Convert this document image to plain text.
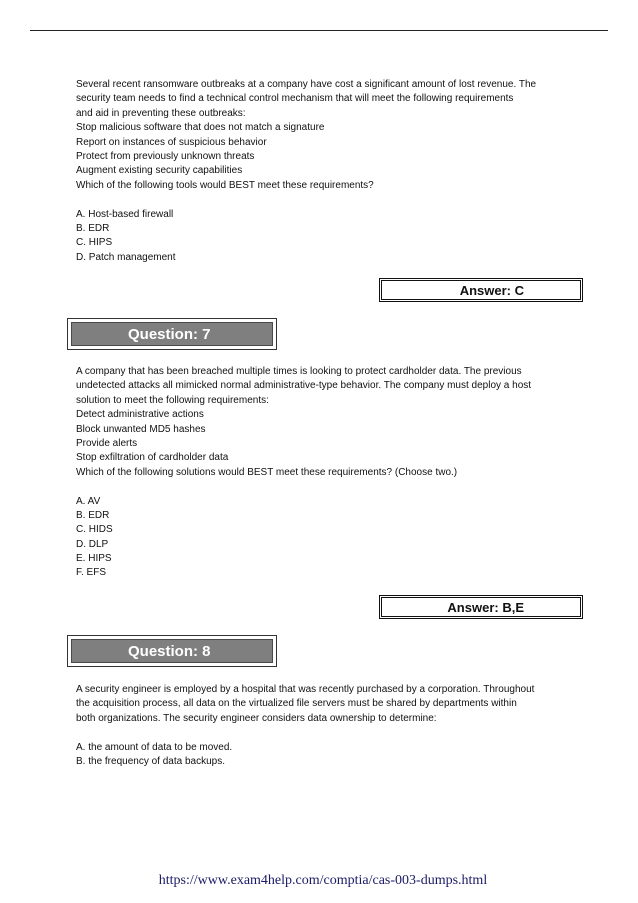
Several recent ransomware outbreaks at a company have cost a significant amount of lost revenue. The
security team needs to find a technical control mechanism that will meet the following requirements
and aid in preventing these outbreaks:
Stop malicious software that does not match a signature
Report on instances of suspicious behavior
Protect from previously unknown threats
Augment existing security capabilities
Which of the following tools would BEST meet these requirements?
A. Host-based firewall
B. EDR
C. HIPS
D. Patch management
Answer: C
Question: 7
A company that has been breached multiple times is looking to protect cardholder data. The previous
undetected attacks all mimicked normal administrative-type behavior. The company must deploy a host
solution to meet the following requirements:
Detect administrative actions
Block unwanted MD5 hashes
Provide alerts
Stop exfiltration of cardholder data
Which of the following solutions would BEST meet these requirements? (Choose two.)
A. AV
B. EDR
C. HIDS
D. DLP
E. HIPS
F. EFS
Answer: B,E
Question: 8
A security engineer is employed by a hospital that was recently purchased by a corporation. Throughout
the acquisition process, all data on the virtualized file servers must be shared by departments within
both organizations. The security engineer considers data ownership to determine:
A. the amount of data to be moved.
B. the frequency of data backups.
https://www.exam4help.com/comptia/cas-003-dumps.html
